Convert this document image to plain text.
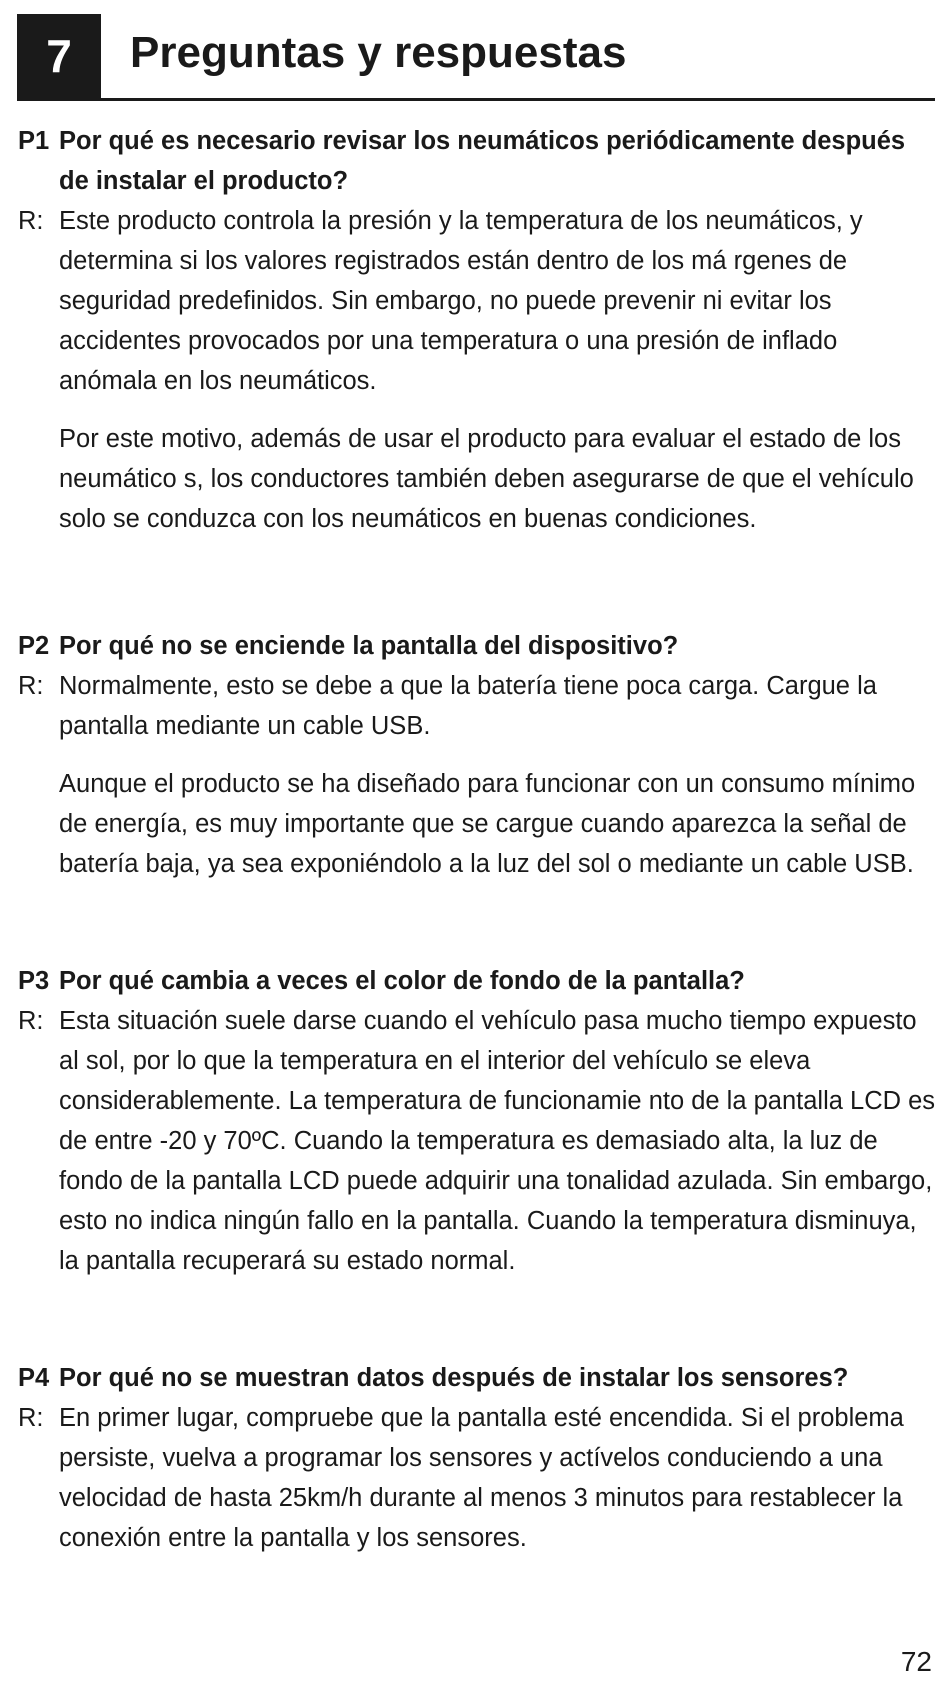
7	Preguntas y respuestas
P1 Por qué es necesario revisar los neumáticos periódicamente después de instalar el producto?
R: Este producto controla la presión y la temperatura de los neumáticos, y determina si los valores registrados están dentro de los má rgenes de seguridad predefinidos. Sin embargo, no puede prevenir ni evitar los accidentes provocados por una temperatura o una presión de inflado anómala en los neumáticos.
Por este motivo, además de usar el producto para evaluar el estado de los neumático s, los conductores también deben asegurarse de que el vehículo solo se conduzca con los neumáticos en buenas condiciones.
P2 Por qué no se enciende la pantalla del dispositivo?
R: Normalmente, esto se debe a que la batería tiene poca carga. Cargue la pantalla mediante un cable USB.
Aunque el producto se ha diseñado para funcionar con un consumo mínimo de energía, es muy importante que se cargue cuando aparezca la señal de batería baja, ya sea exponiéndolo a la luz del sol o mediante un cable USB.
P3 Por qué cambia a veces el color de fondo de la pantalla?
R: Esta situación suele darse cuando el vehículo pasa mucho tiempo expuesto al sol, por lo que la temperatura en el interior del vehículo se eleva considerablemente. La temperatura de funcionamie nto de la pantalla LCD es de entre -20 y 70ºC. Cuando la temperatura es demasiado alta, la luz de fondo de la pantalla LCD puede adquirir una tonalidad azulada. Sin embargo, esto no indica ningún fallo en la pantalla. Cuando la temperatura disminuya, la pantalla recuperará su estado normal.
P4 Por qué no se muestran datos después de instalar los sensores?
R: En primer lugar, compruebe que la pantalla esté encendida. Si el problema persiste, vuelva a programar los sensores y actívelos conduciendo a una velocidad de hasta 25km/h durante al menos 3 minutos para restablecer la conexión entre la pantalla y los sensores.
72
